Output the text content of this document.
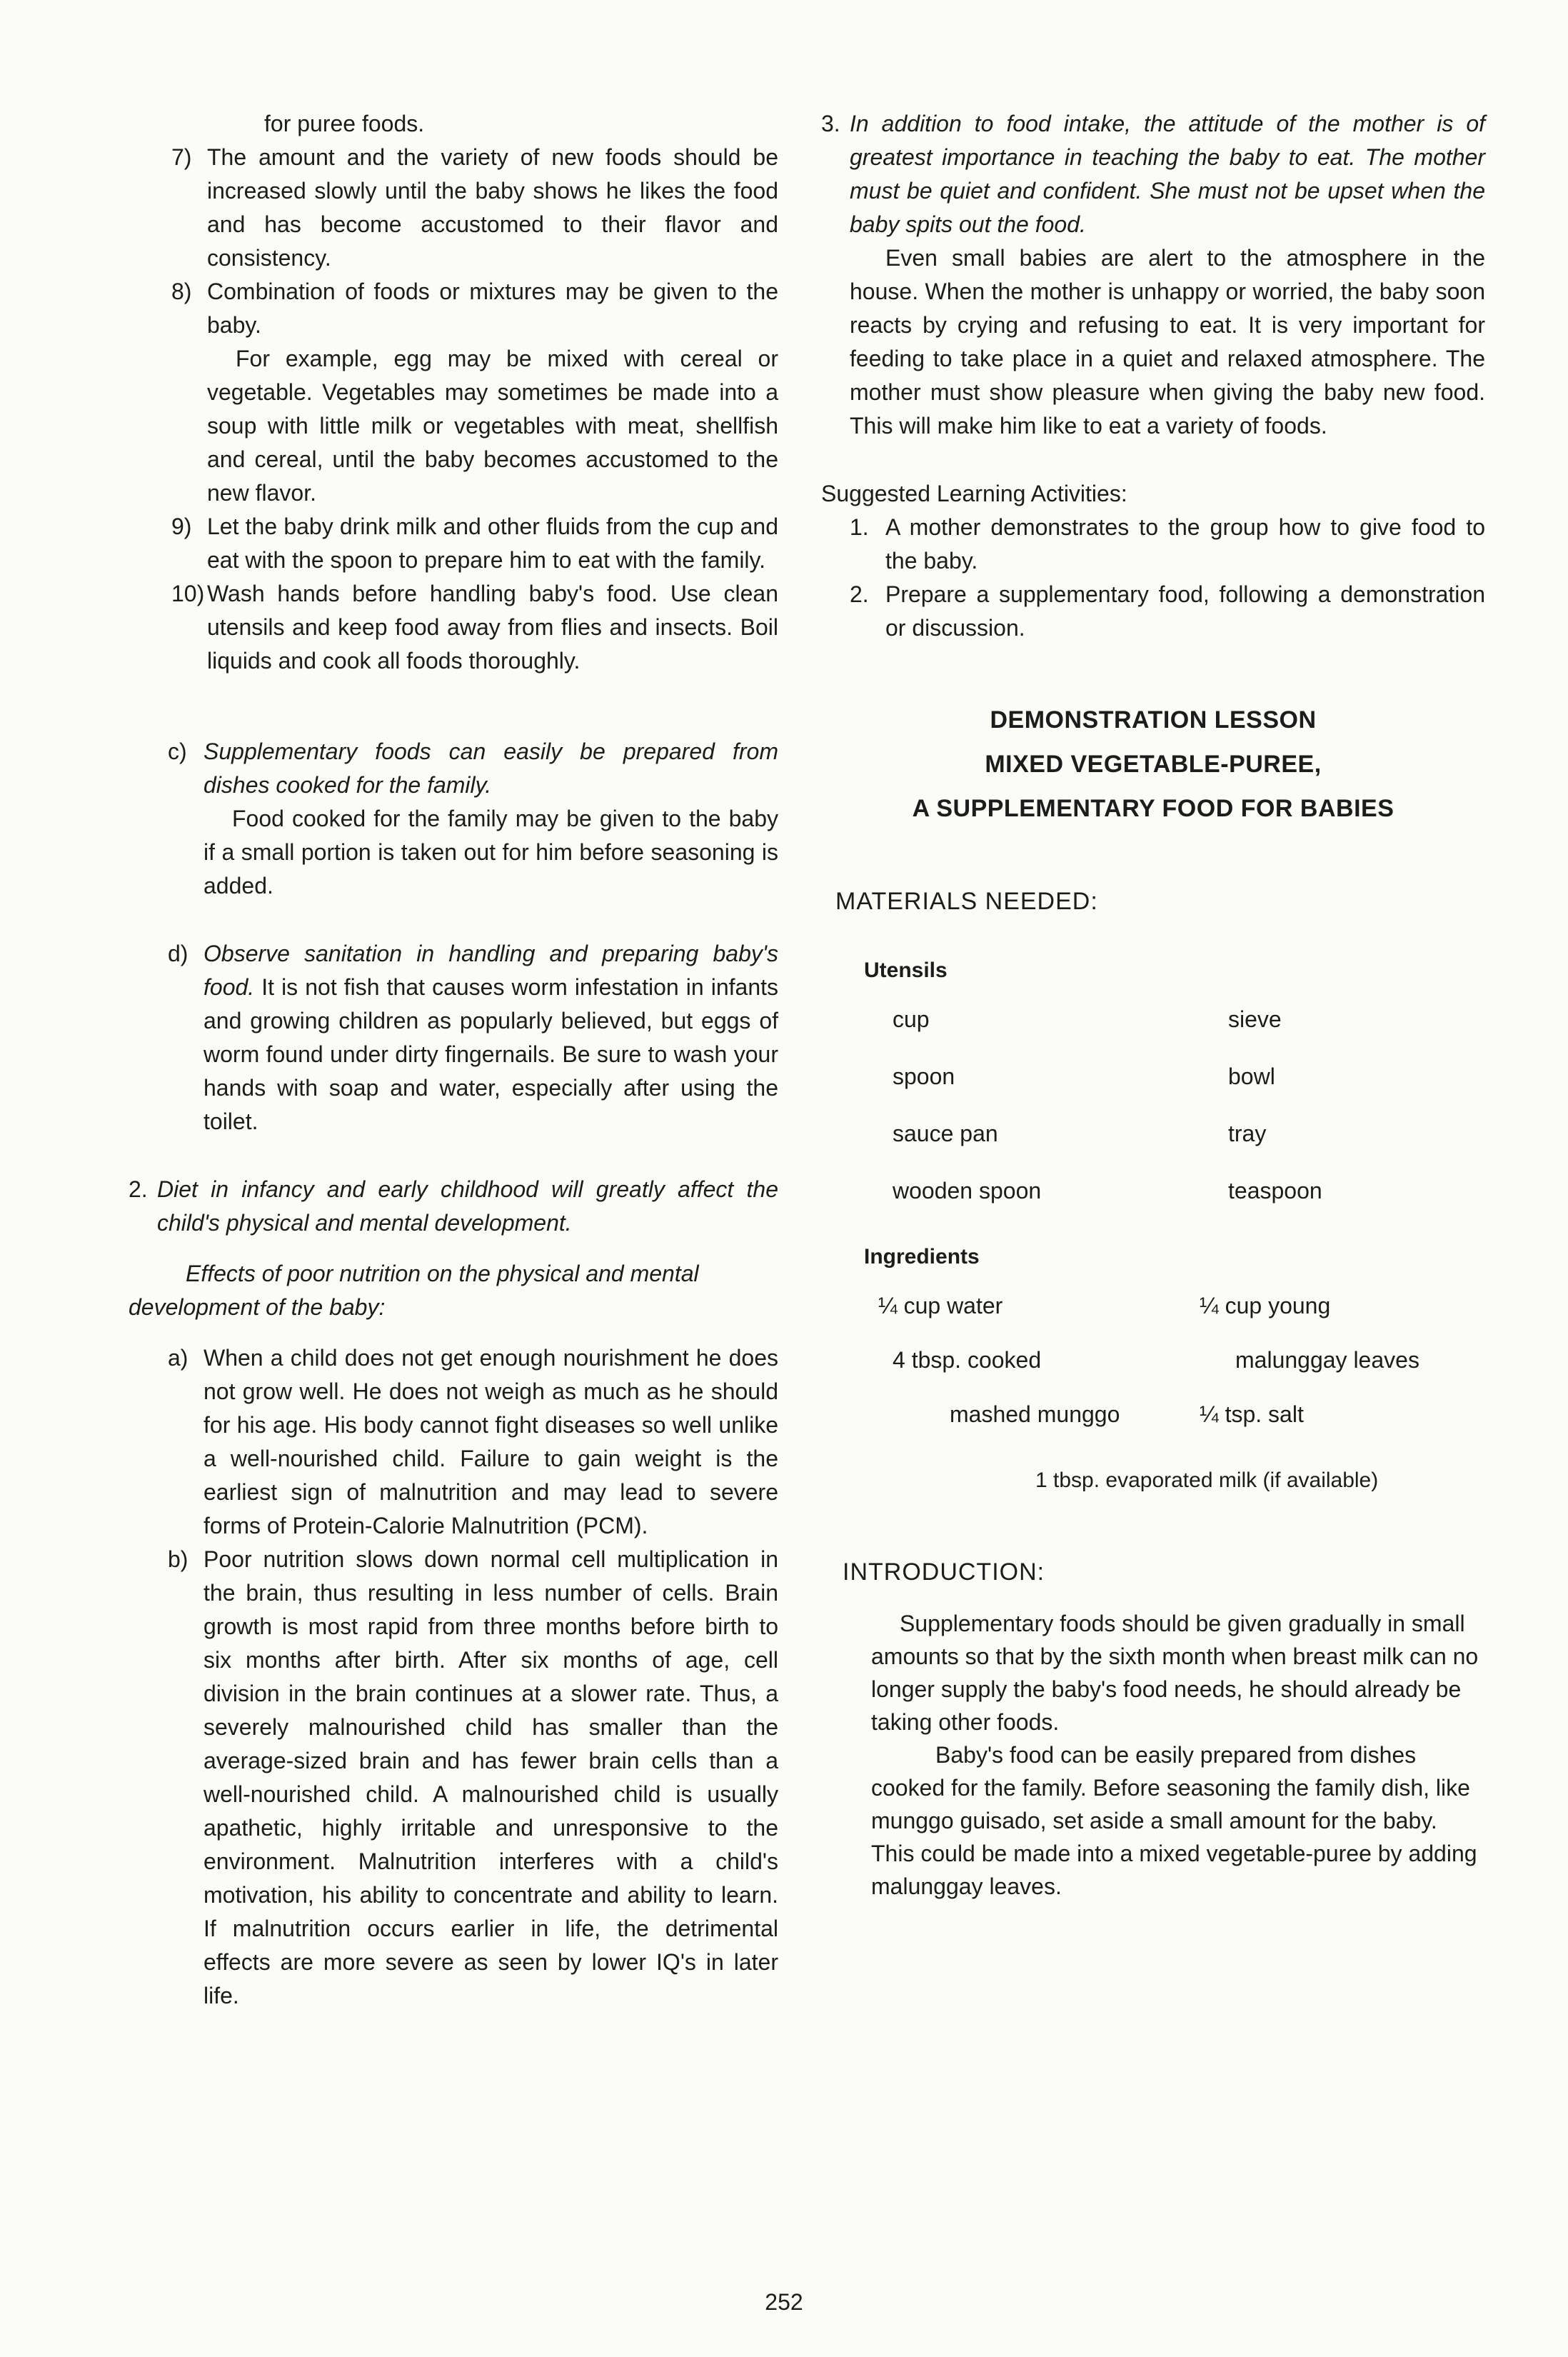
for puree foods.
7) The amount and the variety of new foods should be increased slowly until the baby shows he likes the food and has become accustomed to their flavor and consistency.
8) Combination of foods or mixtures may be given to the baby.

For example, egg may be mixed with cereal or vegetable. Vegetables may sometimes be made into a soup with little milk or vegetables with meat, shellfish and cereal, until the baby becomes accustomed to the new flavor.

9) Let the baby drink milk and other fluids from the cup and eat with the spoon to prepare him to eat with the family.
10) Wash hands before handling baby's food. Use clean utensils and keep food away from flies and insects. Boil liquids and cook all foods thoroughly.
c) Supplementary foods can easily be prepared from dishes cooked for the family.

Food cooked for the family may be given to the baby if a small portion is taken out for him before seasoning is added.

d) Observe sanitation in handling and preparing baby's food. It is not fish that causes worm infestation in infants and growing children as popularly believed, but eggs of worm found under dirty fingernails. Be sure to wash your hands with soap and water, especially after using the toilet.
2. Diet in infancy and early childhood will greatly affect the child's physical and mental development.

Effects of poor nutrition on the physical and mental development of the baby:

a) When a child does not get enough nourishment he does not grow well. He does not weigh as much as he should for his age. His body cannot fight diseases so well unlike a well-nourished child. Failure to gain weight is the earliest sign of malnutrition and may lead to severe forms of Protein-Calorie Malnutrition (PCM).
b) Poor nutrition slows down normal cell multiplication in the brain, thus resulting in less number of cells. Brain growth is most rapid from three months before birth to six months after birth. After six months of age, cell division in the brain continues at a slower rate. Thus, a severely malnourished child has smaller than the average-sized brain and has fewer brain cells than a well-nourished child. A malnourished child is usually apathetic, highly irritable and unresponsive to the environment. Malnutrition interferes with a child's motivation, his ability to concentrate and ability to learn. If malnutrition occurs earlier in life, the detrimental effects are more severe as seen by lower IQ's in later life.
3. In addition to food intake, the attitude of the mother is of greatest importance in teaching the baby to eat. The mother must be quiet and confident. She must not be upset when the baby spits out the food.

Even small babies are alert to the atmosphere in the house. When the mother is unhappy or worried, the baby soon reacts by crying and refusing to eat. It is very important for feeding to take place in a quiet and relaxed atmosphere. The mother must show pleasure when giving the baby new food. This will make him like to eat a variety of foods.

Suggested Learning Activities:

1. A mother demonstrates to the group how to give food to the baby.
2. Prepare a supplementary food, following a demonstration or discussion.

DEMONSTRATION LESSON

MIXED VEGETABLE-PUREE,

A SUPPLEMENTARY FOOD FOR BABIES

MATERIALS NEEDED:

Utensils

cup	sieve
spoon	bowl
sauce pan	tray
wooden spoon	teaspoon

Ingredients

¼ cup water	¼ cup young
4 tbsp. cooked	malunggay leaves
mashed munggo	¼ tsp. salt

1 tbsp. evaporated milk (if available)

INTRODUCTION:

Supplementary foods should be given gradually in small amounts so that by the sixth month when breast milk can no longer supply the baby's food needs, he should already be taking other foods.

Baby's food can be easily prepared from dishes cooked for the family. Before seasoning the family dish, like munggo guisado, set aside a small amount for the baby. This could be made into a mixed vegetable-puree by adding malunggay leaves.

252
